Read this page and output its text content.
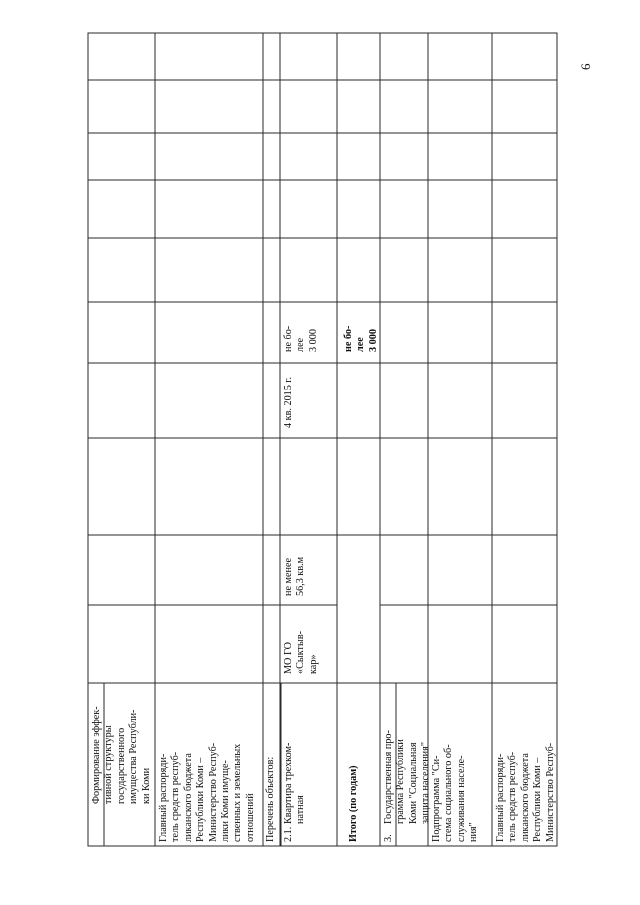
Формирование эффек-
тивной структуры
государственного
имущества Республи-
ки Коми
Главный распоряди-
тель средств респуб-
ликанского бюджета
Республики Коми –
Министерство Респуб-
лики Коми имуще-
ственных и земельных
отношений Перечень объектов: 2.1.
Квартира трехком-
натная
МО ГО
«Сыктыв-
кар»
не менее
56,3 кв.м
4 кв. 2015 г.
не бо-
лее
3 000
Итого (по годам)
не бо-
лее
3 000
3.
Государственная про-
грамма Республики
Коми "Социальная
защита населения"
Подпрограмма "Си-
стема социального об-
служивания населе-
ния" Главный распоряди-
тель средств респуб-
ликанского бюджета
Республики Коми –
Министерство Респуб-
6
